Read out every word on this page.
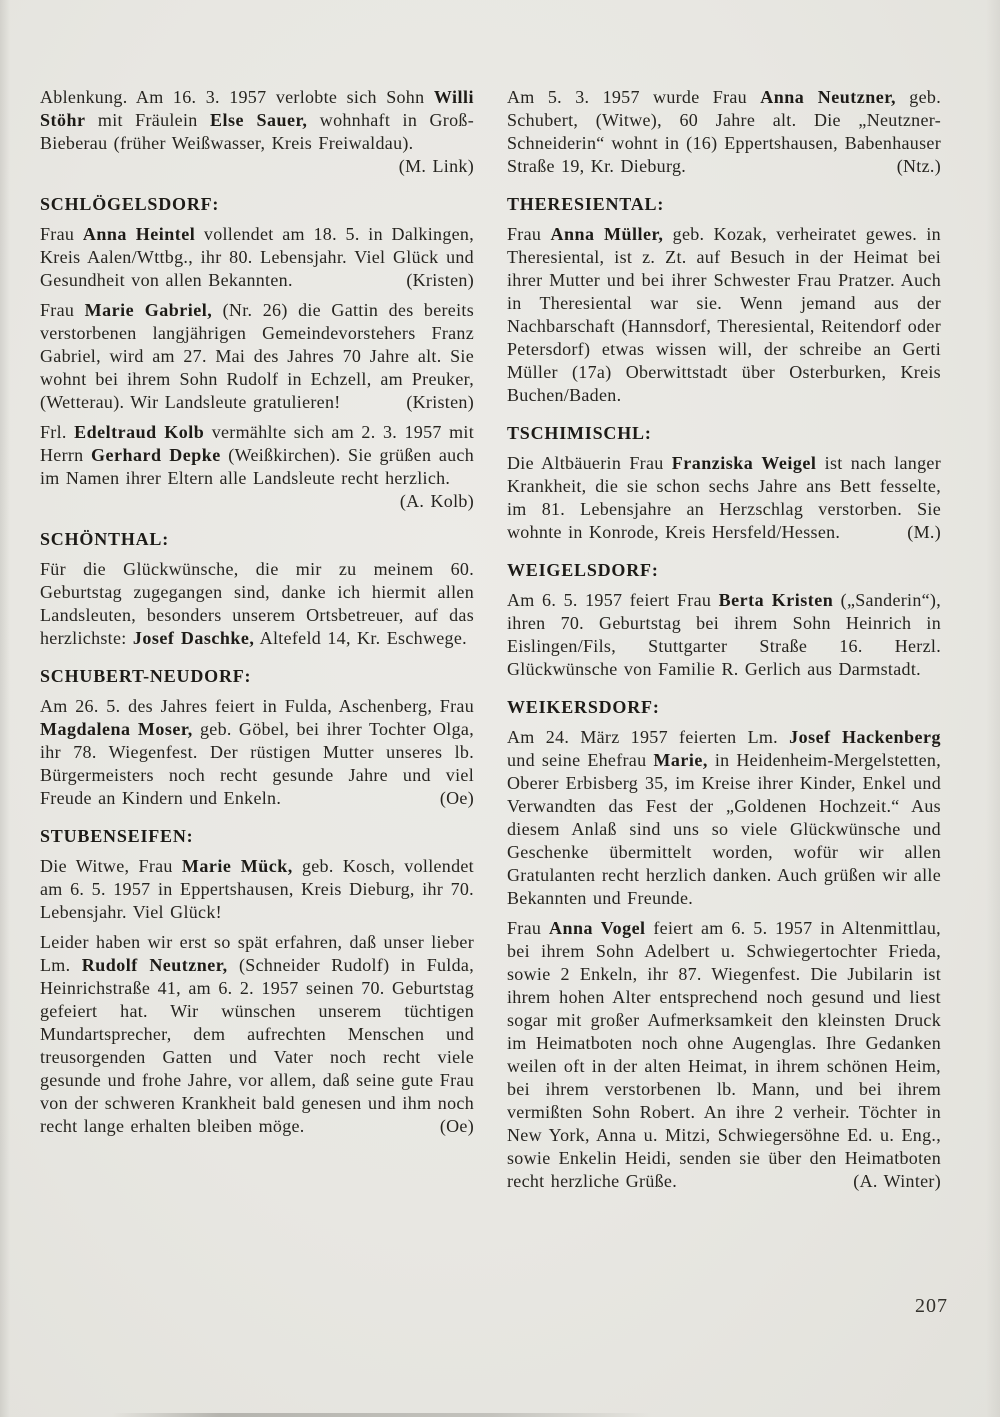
Ablenkung. Am 16. 3. 1957 verlobte sich Sohn Willi Stöhr mit Fräulein Else Sauer, wohnhaft in Groß-Bieberau (früher Weißwasser, Kreis Freiwaldau).
(M. Link)

SCHLÖGELSDORF:

Frau Anna Heintel vollendet am 18. 5. in Dalkingen, Kreis Aalen/Wttbg., ihr 80. Lebensjahr. Viel Glück und Gesundheit von allen Bekannten.	(Kristen)

Frau Marie Gabriel, (Nr. 26) die Gattin des bereits verstorbenen langjährigen Gemeindevorstehers Franz Gabriel, wird am 27. Mai des Jahres 70 Jahre alt. Sie wohnt bei ihrem Sohn Rudolf in Echzell, am Preuker, (Wetterau). Wir Landsleute gratulieren!	(Kristen)

Frl. Edeltraud Kolb vermählte sich am 2. 3. 1957 mit Herrn Gerhard Depke (Weißkirchen). Sie grüßen auch im Namen ihrer Eltern alle Landsleute recht herzlich.
(A. Kolb)

SCHÖNTHAL:

Für die Glückwünsche, die mir zu meinem 60. Geburtstag zugegangen sind, danke ich hiermit allen Landsleuten, besonders unserem Ortsbetreuer, auf das herzlichste: Josef Daschke, Altefeld 14, Kr. Eschwege.

SCHUBERT-NEUDORF:

Am 26. 5. des Jahres feiert in Fulda, Aschenberg, Frau Magdalena Moser, geb. Göbel, bei ihrer Tochter Olga, ihr 78. Wiegenfest. Der rüstigen Mutter unseres lb. Bürgermeisters noch recht gesunde Jahre und viel Freude an Kindern und Enkeln.	(Oe)

STUBENSEIFEN:

Die Witwe, Frau Marie Mück, geb. Kosch, vollendet am 6. 5. 1957 in Eppertshausen, Kreis Dieburg, ihr 70. Lebensjahr. Viel Glück!

Leider haben wir erst so spät erfahren, daß unser lieber Lm. Rudolf Neutzner, (Schneider Rudolf) in Fulda, Heinrichstraße 41, am 6. 2. 1957 seinen 70. Geburtstag gefeiert hat. Wir wünschen unserem tüchtigen Mundartsprecher, dem aufrechten Menschen und treusorgenden Gatten und Vater noch recht viele gesunde und frohe Jahre, vor allem, daß seine gute Frau von der schweren Krankheit bald genesen und ihm noch recht lange erhalten bleiben möge.	(Oe)

Am 5. 3. 1957 wurde Frau Anna Neutzner, geb. Schubert, (Witwe), 60 Jahre alt. Die „Neutzner-Schneiderin“ wohnt in (16) Eppertshausen, Babenhauser Straße 19, Kr. Dieburg.	(Ntz.)

THERESIENTAL:

Frau Anna Müller, geb. Kozak, verheiratet gewes. in Theresiental, ist z. Zt. auf Besuch in der Heimat bei ihrer Mutter und bei ihrer Schwester Frau Pratzer. Auch in Theresiental war sie. Wenn jemand aus der Nachbarschaft (Hannsdorf, Theresiental, Reitendorf oder Petersdorf) etwas wissen will, der schreibe an Gerti Müller (17a) Oberwittstadt über Osterburken, Kreis Buchen/Baden.

TSCHIMISCHL:

Die Altbäuerin Frau Franziska Weigel ist nach langer Krankheit, die sie schon sechs Jahre ans Bett fesselte, im 81. Lebensjahre an Herzschlag verstorben. Sie wohnte in Konrode, Kreis Hersfeld/Hessen.	(M.)

WEIGELSDORF:

Am 6. 5. 1957 feiert Frau Berta Kristen („Sanderin“), ihren 70. Geburtstag bei ihrem Sohn Heinrich in Eislingen/Fils, Stuttgarter Straße 16. Herzl. Glückwünsche von Familie R. Gerlich aus Darmstadt.

WEIKERSDORF:

Am 24. März 1957 feierten Lm. Josef Hackenberg und seine Ehefrau Marie, in Heidenheim-Mergelstetten, Oberer Erbisberg 35, im Kreise ihrer Kinder, Enkel und Verwandten das Fest der „Goldenen Hochzeit.“ Aus diesem Anlaß sind uns so viele Glückwünsche und Geschenke übermittelt worden, wofür wir allen Gratulanten recht herzlich danken. Auch grüßen wir alle Bekannten und Freunde.

Frau Anna Vogel feiert am 6. 5. 1957 in Altenmittlau, bei ihrem Sohn Adelbert u. Schwiegertochter Frieda, sowie 2 Enkeln, ihr 87. Wiegenfest. Die Jubilarin ist ihrem hohen Alter entsprechend noch gesund und liest sogar mit großer Aufmerksamkeit den kleinsten Druck im Heimatboten noch ohne Augenglas. Ihre Gedanken weilen oft in der alten Heimat, in ihrem schönen Heim, bei ihrem verstorbenen lb. Mann, und bei ihrem vermißten Sohn Robert. An ihre 2 verheir. Töchter in New York, Anna u. Mitzi, Schwiegersöhne Ed. u. Eng., sowie Enkelin Heidi, senden sie über den Heimatboten recht herzliche Grüße.	(A. Winter)

207
